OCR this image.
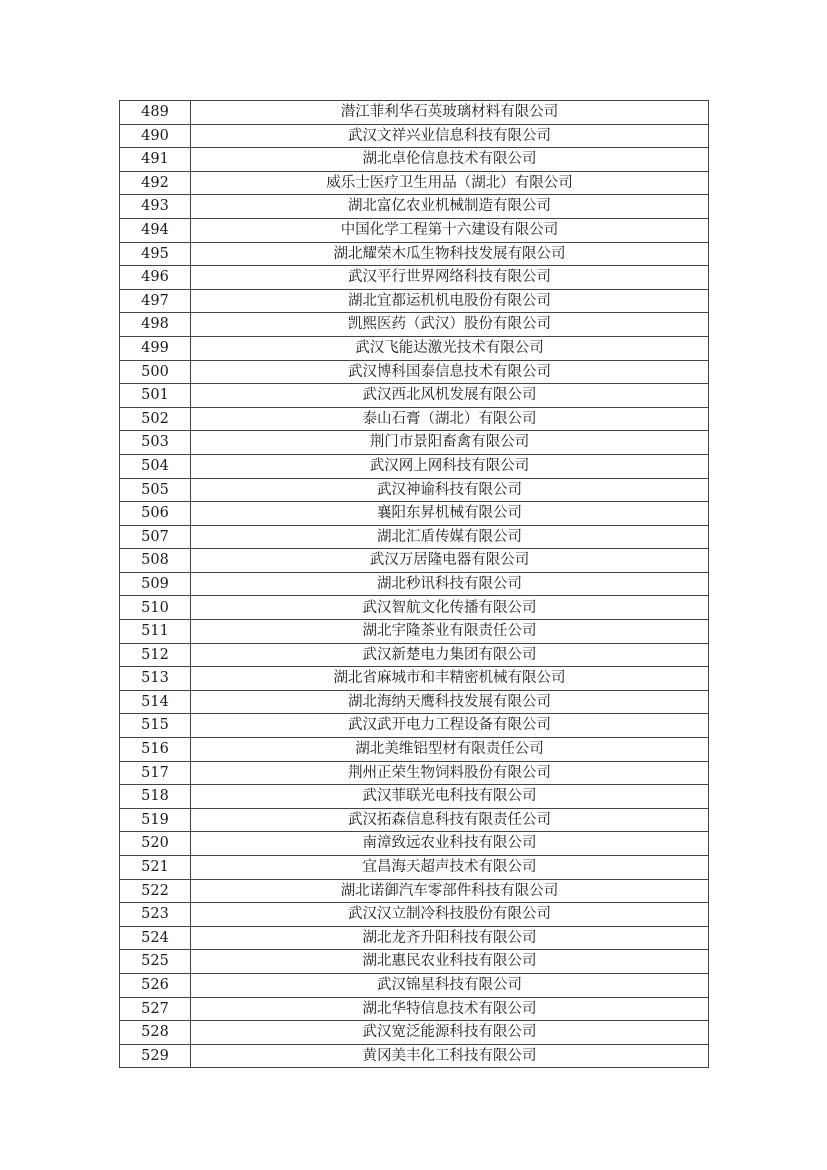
489	潜江菲利华石英玻璃材料有限公司
490	武汉文祥兴业信息科技有限公司
491	湖北卓伦信息技术有限公司
492	威乐士医疗卫生用品（湖北）有限公司
493	湖北富亿农业机械制造有限公司
494	中国化学工程第十六建设有限公司
495	湖北耀荣木瓜生物科技发展有限公司
496	武汉平行世界网络科技有限公司
497	湖北宜都运机机电股份有限公司
498	凯熙医药（武汉）股份有限公司
499	武汉飞能达激光技术有限公司
500	武汉博科国泰信息技术有限公司
501	武汉西北风机发展有限公司
502	泰山石膏（湖北）有限公司
503	荆门市景阳畜禽有限公司
504	武汉网上网科技有限公司
505	武汉神谕科技有限公司
506	襄阳东昇机械有限公司
507	湖北汇盾传媒有限公司
508	武汉万居隆电器有限公司
509	湖北秒讯科技有限公司
510	武汉智航文化传播有限公司
511	湖北宇隆茶业有限责任公司
512	武汉新楚电力集团有限公司
513	湖北省麻城市和丰精密机械有限公司
514	湖北海纳天鹰科技发展有限公司
515	武汉武开电力工程设备有限公司
516	湖北美维铝型材有限责任公司
517	荆州正荣生物饲料股份有限公司
518	武汉菲联光电科技有限公司
519	武汉拓森信息科技有限责任公司
520	南漳致远农业科技有限公司
521	宜昌海天超声技术有限公司
522	湖北诺御汽车零部件科技有限公司
523	武汉汉立制冷科技股份有限公司
524	湖北龙齐升阳科技有限公司
525	湖北惠民农业科技有限公司
526	武汉锦星科技有限公司
527	湖北华特信息技术有限公司
528	武汉宽泛能源科技有限公司
529	黄冈美丰化工科技有限公司
